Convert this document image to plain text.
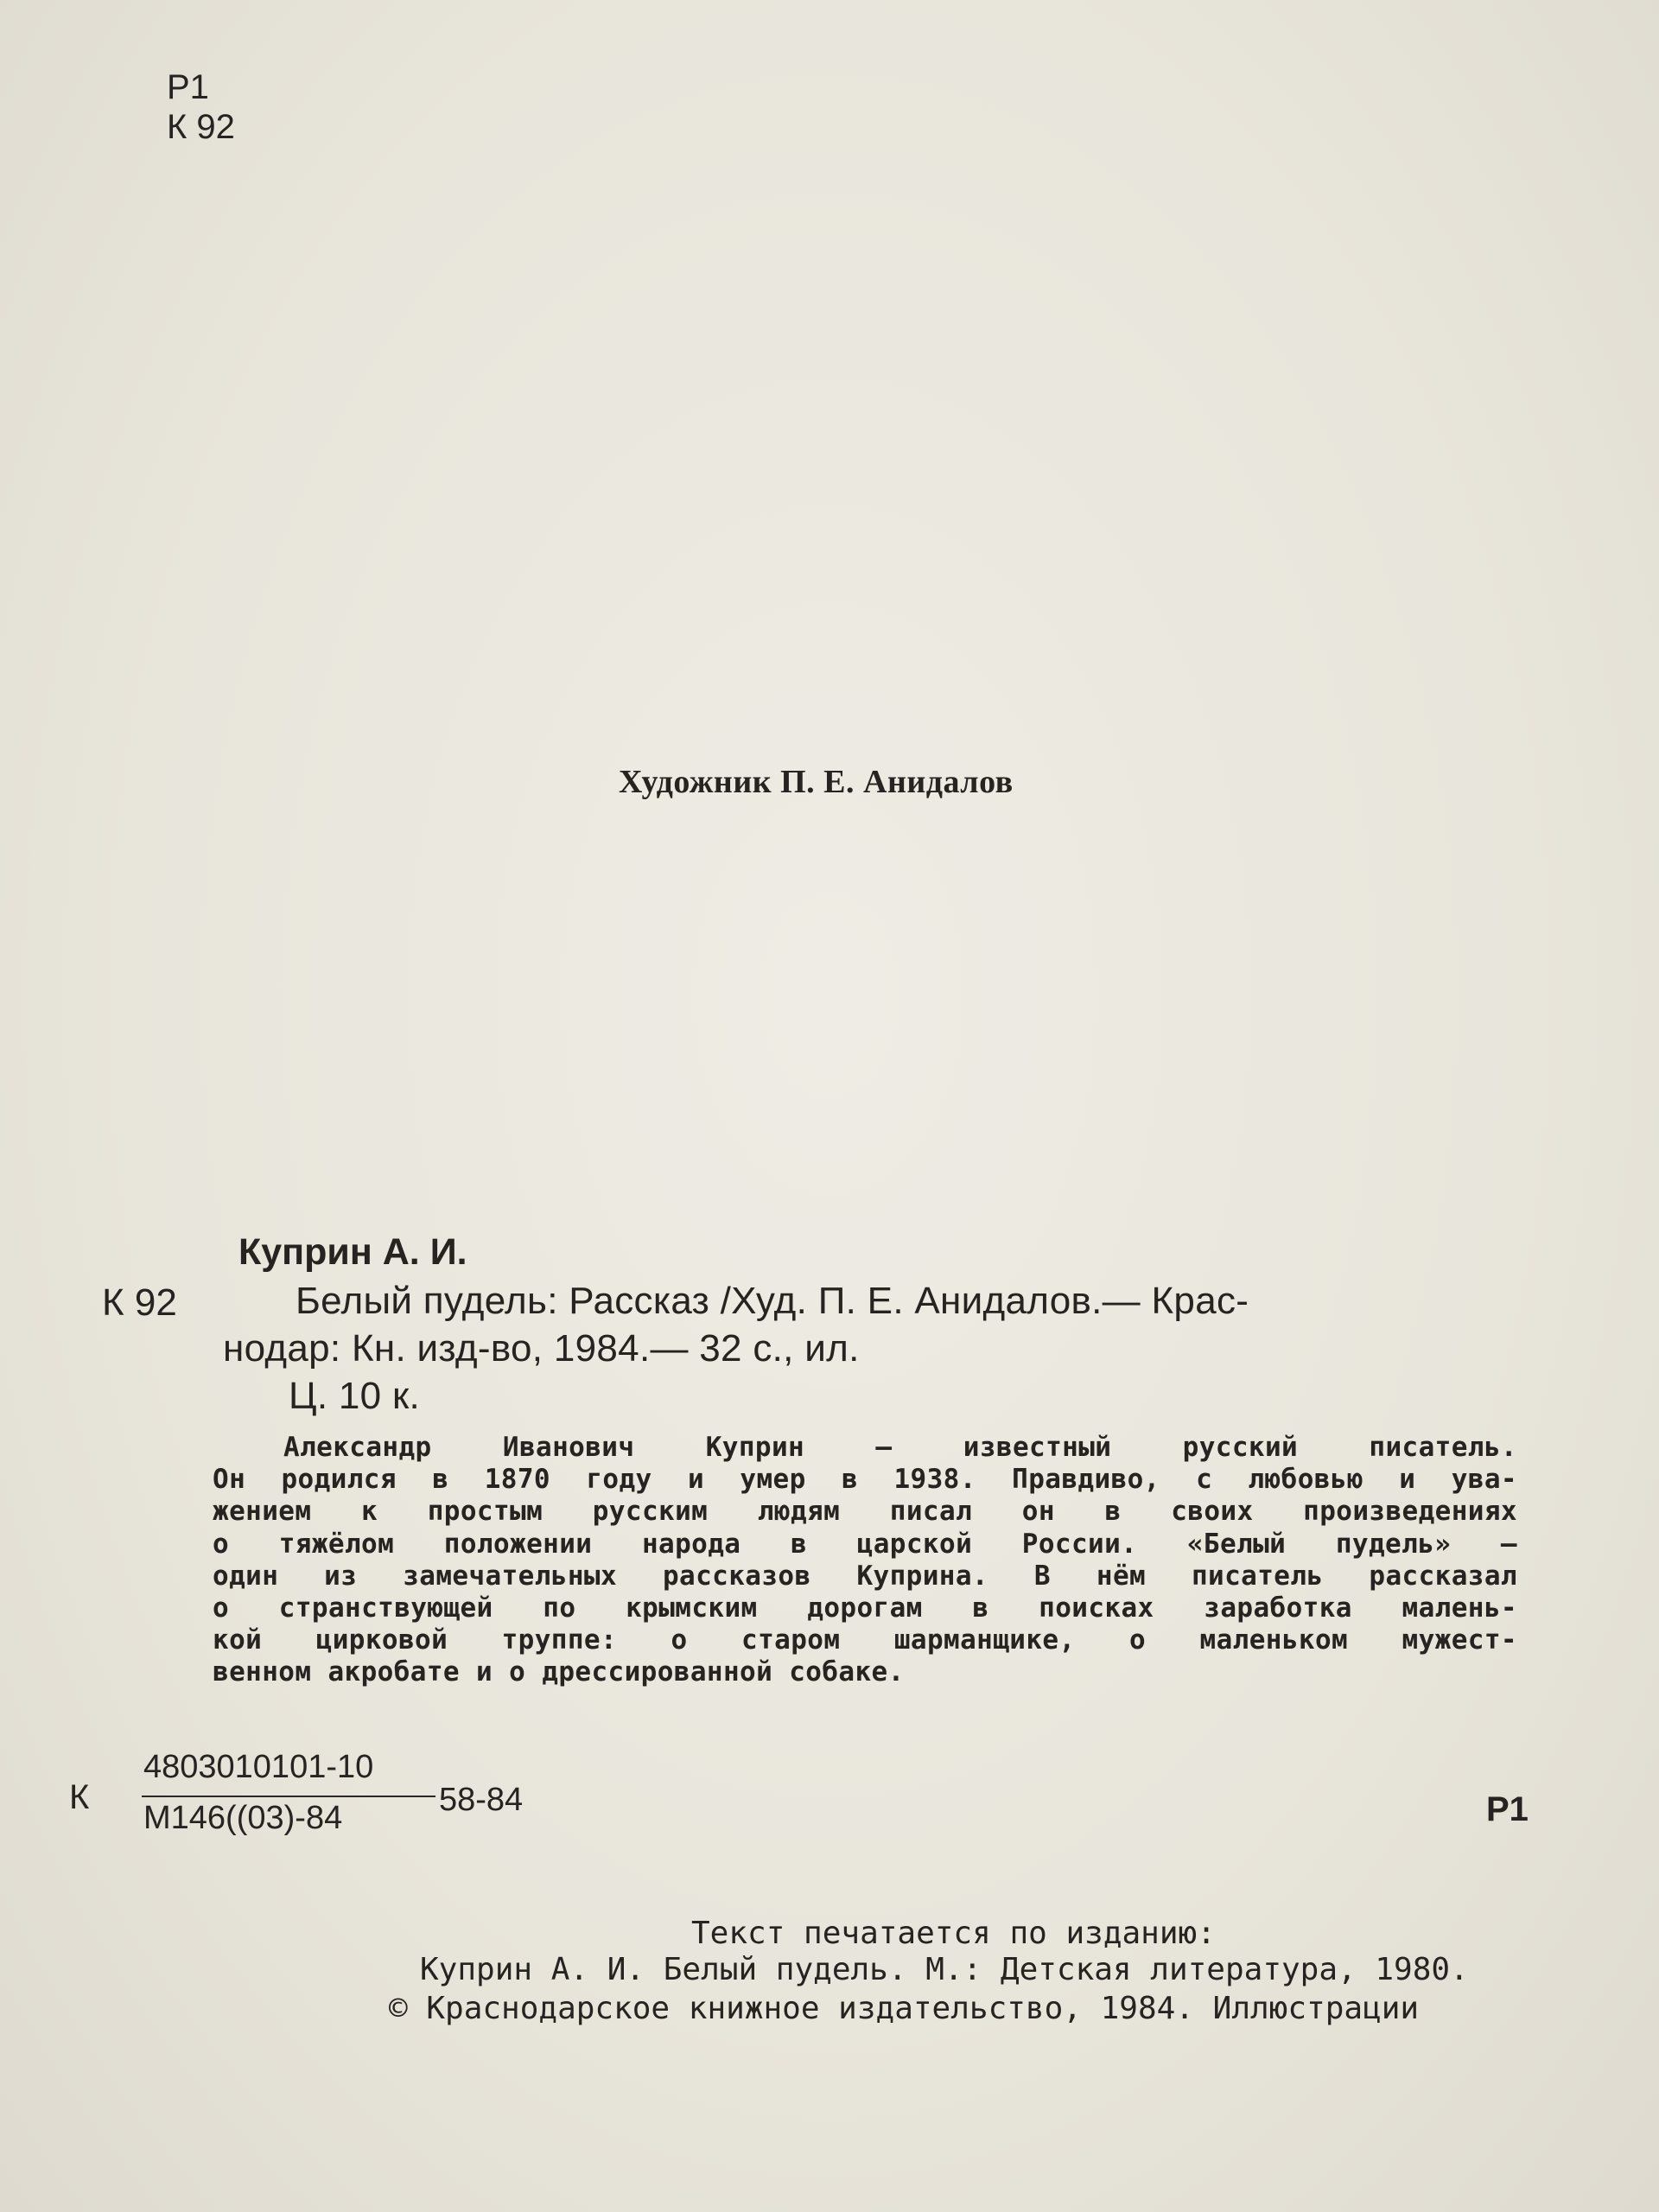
Р1
К 92
Художник П. Е. Анидалов
Куприн А. И.
К 92	Белый пудель: Рассказ /Худ. П. Е. Анидалов.— Крас-
нодар: Кн. изд-во, 1984.— 32 с., ил.
Ц. 10 к.

Александр Иванович Куприн — известный русский писатель.

Он родился в 1870 году и умер в 1938. Правдиво, с любовью и ува-

жением к простым русским людям писал он в своих произведениях

о тяжёлом положении народа в царской России. «Белый пудель» —

один из замечательных рассказов Куприна. В нём писатель рассказал

о странствующей по крымским дорогам в поисках заработка малень-

кой цирковой труппе: о старом шарманщике, о маленьком мужест-

венном акробате и о дрессированной собаке.

К
4803010101-10
М146((03)-84	58-84	Р1
Текст печатается по изданию:
Куприн А. И. Белый пудель. М.: Детская литература, 1980.
© Краснодарское книжное издательство, 1984. Иллюстрации
